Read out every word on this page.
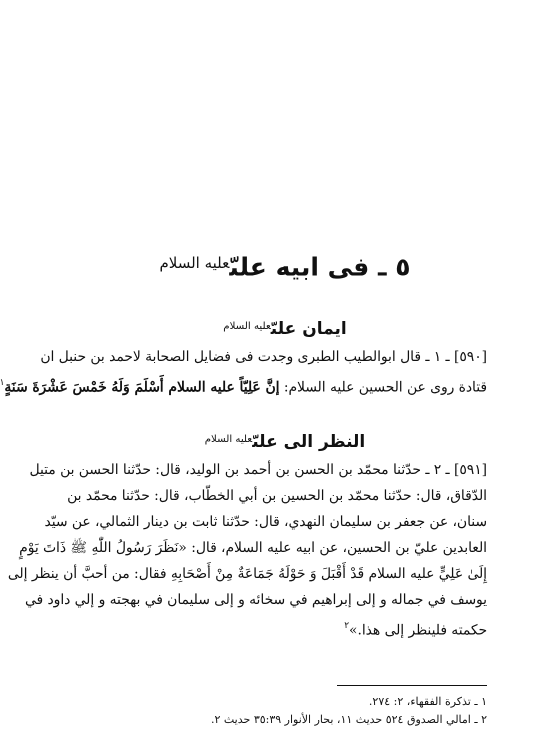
٥ ـ فى ابيه علىّ$^{عليه السلام}$
ايمان علىّ$^{عليه السلام}$
[٥٩٠] ـ ١ ـ قال ابوالطيب الطبرى وجدت فى فضايل الصحابة لاحمد بن حنبل ان
قتادة روى عن الحسين عليه السلام: إنَّ عَلِيّاً عليه السلام أَسْلَمَ وَلَهُ خَمْسَ عَشْرَةَ سَنَةٍ$^١$
النظر الى علىّ$^{عليه السلام}$
[٥٩١] ـ ٢ ـ حدّثنا محمّد بن الحسن بن أحمد بن الوليد، قال: حدّثنا الحسن بن متيل
الدّقاق، قال: حدّثنا محمّد بن الحسين بن أبي الخطّاب، قال: حدّثنا محمّد بن
سنان، عن جعفر بن سليمان النهدي، قال: حدّثنا ثابت بن دينار الثمالي، عن سيّد
العابدين عليّ بن الحسين، عن ابيه عليه السلام، قال: «نَظَرَ رَسُولُ اللّٰهِ ﷺ ذَاتَ يَوْمٍ
إِلَىٰ عَلِيٍّ عليه السلام قَدْ أَقْبَلَ وَ حَوْلَهُ جَمَاعَةٌ مِنْ أَصْحَابِهِ فقال: من أحبَّ أن ينظر إلى
يوسف في جماله و إلى إبراهيم في سخائه و إلى سليمان في بهجته و إلي داود في
حكمته فلينظر إلى هذا.»$^٢$
١ ـ تذكرة الفقهاء، ٢: ٢٧٤.
٢ ـ امالي الصدوق ٥٢٤ حديث ١١، بحار الأنوار ٣٥:٣٩ حديث ٢.
